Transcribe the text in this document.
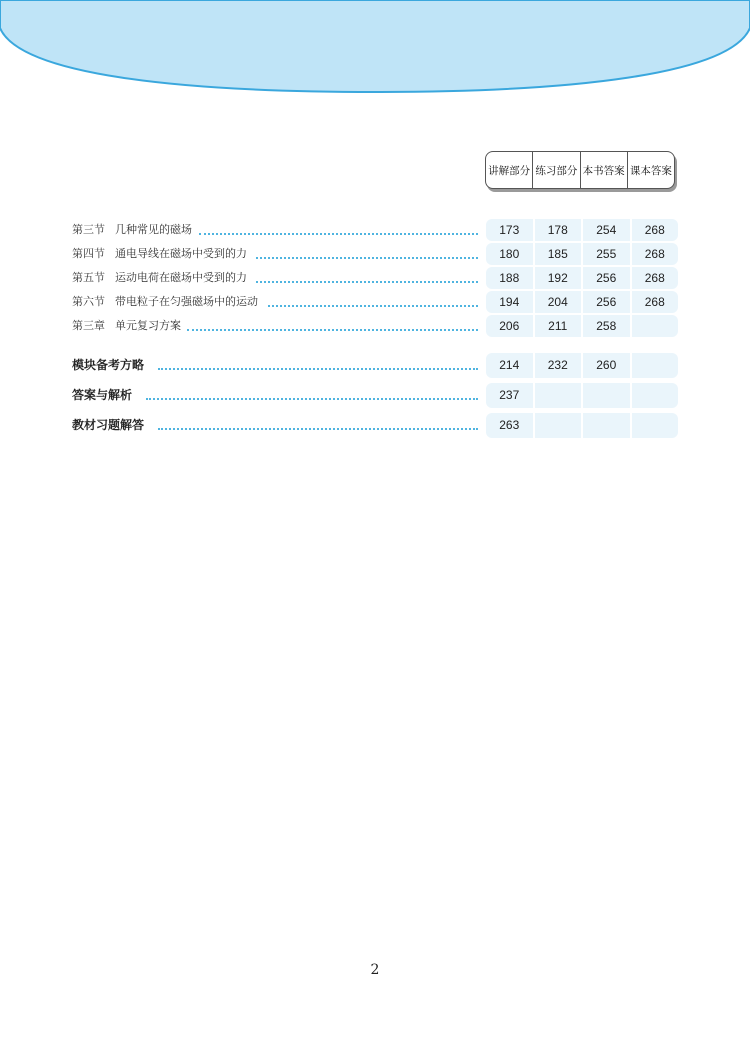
讲解部分 练习部分 本书答案 课本答案
第三节 几种常见的磁场	173	178	254	268
第四节 通电导线在磁场中受到的力	180	185	255	268
第五节 运动电荷在磁场中受到的力	188	192	256	268
第六节 带电粒子在匀强磁场中的运动	194	204	256	268
第三章 单元复习方案	206	211	258
模块备考方略	214	232	260
答案与解析	237
教材习题解答	263
2
